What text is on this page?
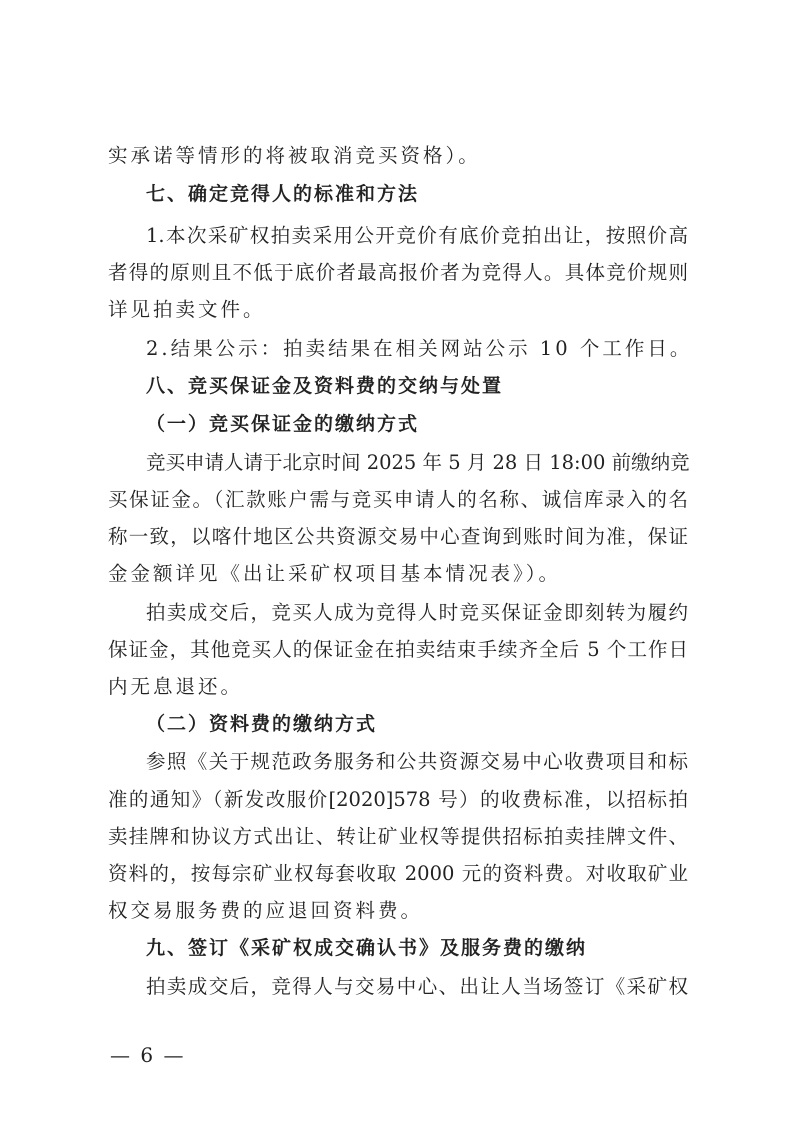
实承诺等情形的将被取消竞买资格）。
七、确定竞得人的标准和方法
1.本次采矿权拍卖采用公开竞价有底价竞拍出让，按照价高
者得的原则且不低于底价者最高报价者为竞得人。具体竞价规则
详见拍卖文件。
2.结果公示：拍卖结果在相关网站公示 10 个工作日。
八、竞买保证金及资料费的交纳与处置
（一）竞买保证金的缴纳方式
竞买申请人请于北京时间 2025 年 5 月 28 日 18:00 前缴纳竞
买保证金。（汇款账户需与竞买申请人的名称、诚信库录入的名
称一致，以喀什地区公共资源交易中心查询到账时间为准，保证
金金额详见《出让采矿权项目基本情况表》）。
拍卖成交后，竞买人成为竞得人时竞买保证金即刻转为履约
保证金，其他竞买人的保证金在拍卖结束手续齐全后 5 个工作日
内无息退还。
（二）资料费的缴纳方式
参照《关于规范政务服务和公共资源交易中心收费项目和标
准的通知》（新发改服价[2020]578 号）的收费标准，以招标拍
卖挂牌和协议方式出让、转让矿业权等提供招标拍卖挂牌文件、
资料的，按每宗矿业权每套收取 2000 元的资料费。对收取矿业
权交易服务费的应退回资料费。
九、签订《采矿权成交确认书》及服务费的缴纳
拍卖成交后，竞得人与交易中心、出让人当场签订《采矿权
— 6 —
